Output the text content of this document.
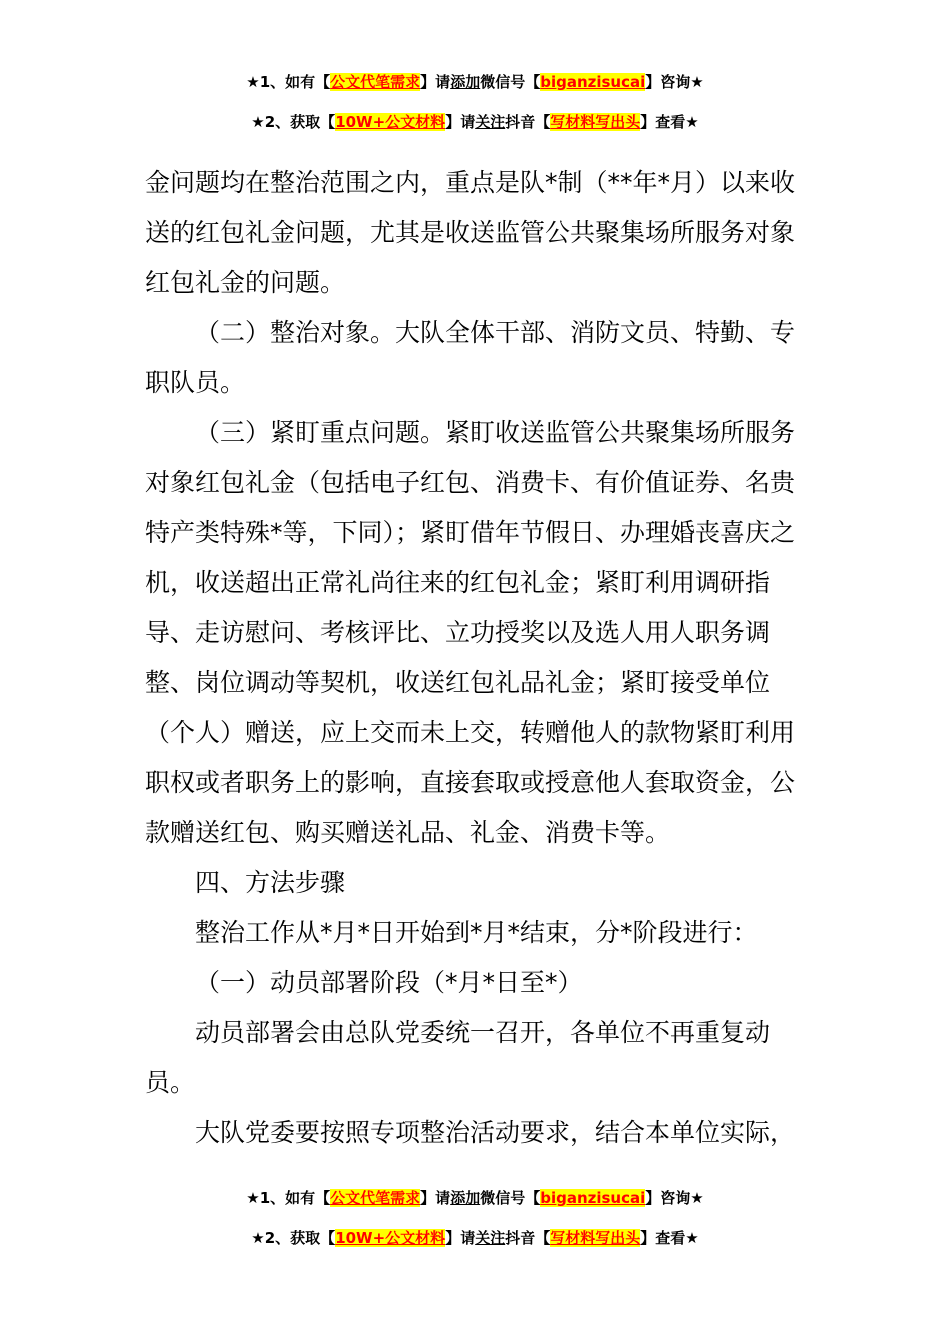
★1、如有【公文代笔需求】请添加微信号【biganzisucai】咨询★
★2、获取【10W+公文材料】请关注抖音【写材料写出头】查看★

金问题均在整治范围之内，重点是队*制（**年*月）以来收送的红包礼金问题，尤其是收送监管公共聚集场所服务对象红包礼金的问题。

（二）整治对象。大队全体干部、消防文员、特勤、专职队员。

（三）紧盯重点问题。紧盯收送监管公共聚集场所服务对象红包礼金（包括电子红包、消费卡、有价值证券、名贵特产类特殊*等，下同）；紧盯借年节假日、办理婚丧喜庆之机，收送超出正常礼尚往来的红包礼金；紧盯利用调研指导、走访慰问、考核评比、立功授奖以及选人用人职务调整、岗位调动等契机，收送红包礼品礼金；紧盯接受单位（个人）赠送，应上交而未上交，转赠他人的款物紧盯利用职权或者职务上的影响，直接套取或授意他人套取资金，公款赠送红包、购买赠送礼品、礼金、消费卡等。

四、方法步骤

整治工作从*月*日开始到*月*结束，分*阶段进行：

（一）动员部署阶段（*月*日至*）

动员部署会由总队党委统一召开，各单位不再重复动员。

大队党委要按照专项整治活动要求，结合本单位实际，

★1、如有【公文代笔需求】请添加微信号【biganzisucai】咨询★
★2、获取【10W+公文材料】请关注抖音【写材料写出头】查看★
